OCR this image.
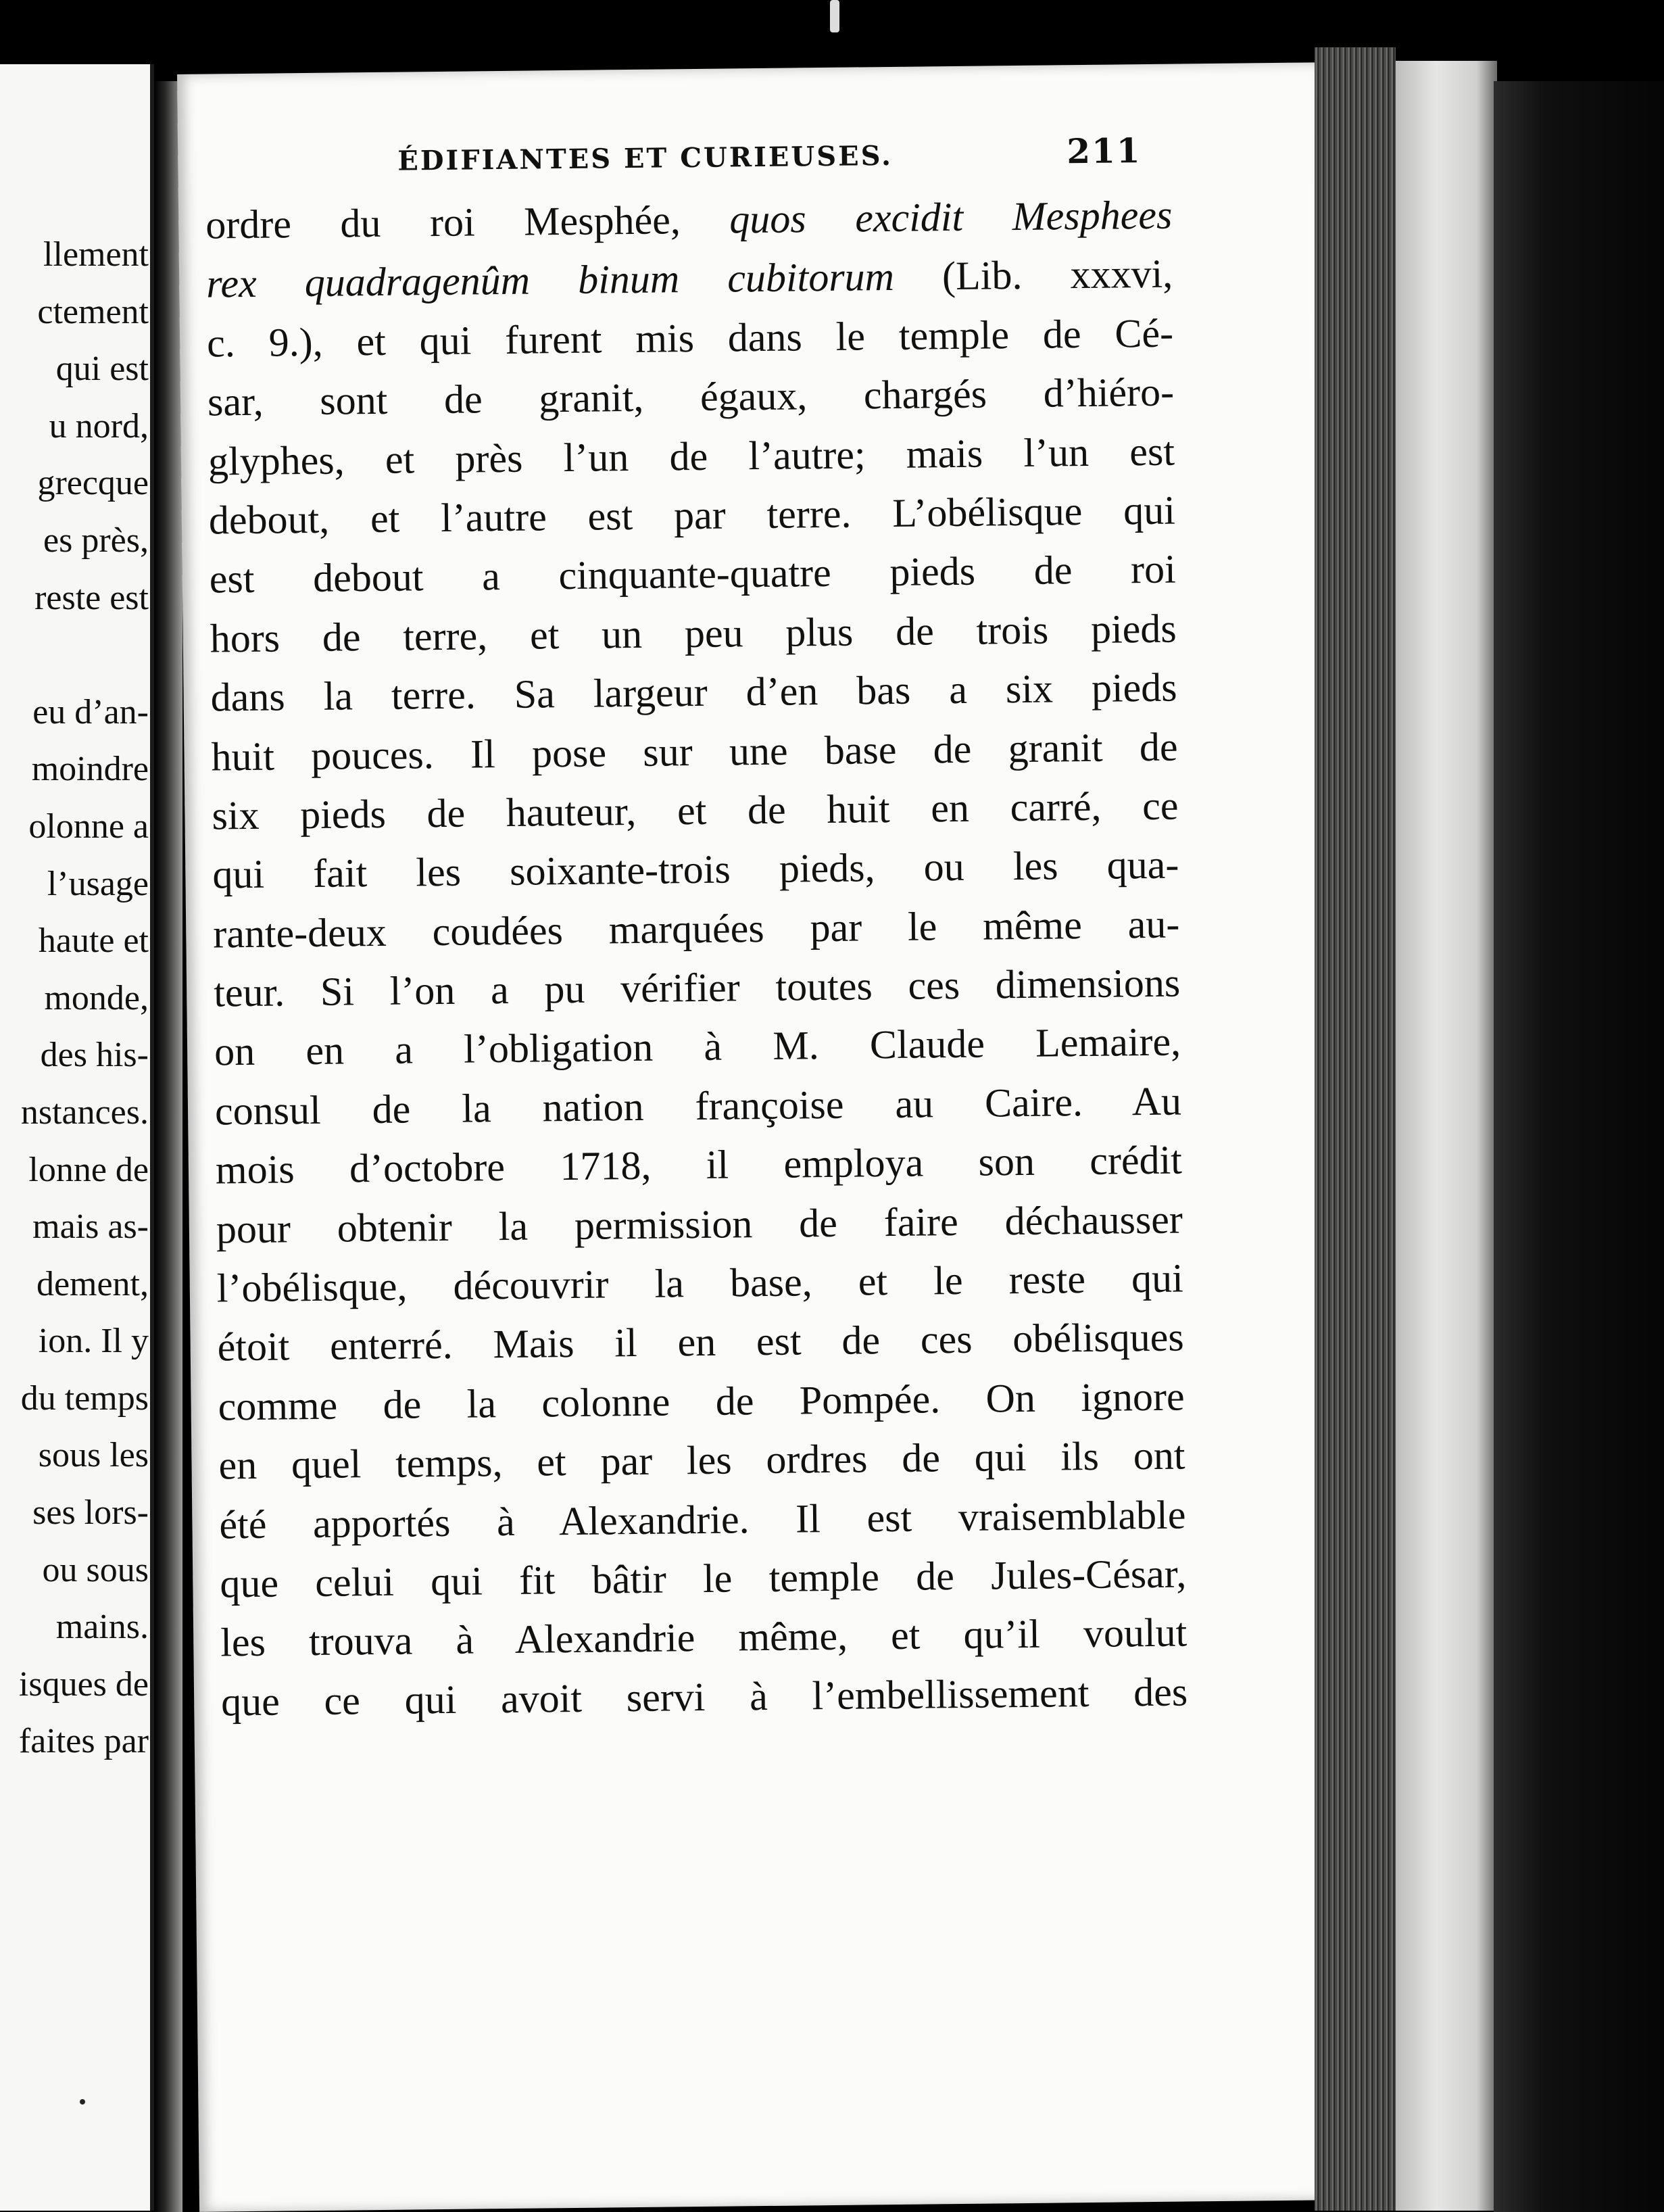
llement
ctement
qui est
u nord,
grecque
es près,
reste est
eu d’an-
moindre
olonne a
l’usage
haute et
monde,
des his-
nstances.
lonne de
mais as-
dement,
ion. Il y
du temps
sous les
ses lors-
ou sous
mains.
isques de
faites par
ÉDIFIANTES ET CURIEUSES.	211
ordre du roi Mesphée, quos excidit Mesphees
rex quadragenûm binum cubitorum (Lib. xxxvi,
c. 9.), et qui furent mis dans le temple de Cé-
sar, sont de granit, égaux, chargés d’hiéro-
glyphes, et près l’un de l’autre; mais l’un est
debout, et l’autre est par terre. L’obélisque qui
est debout a cinquante-quatre pieds de roi
hors de terre, et un peu plus de trois pieds
dans la terre. Sa largeur d’en bas a six pieds
huit pouces. Il pose sur une base de granit de
six pieds de hauteur, et de huit en carré, ce
qui fait les soixante-trois pieds, ou les qua-
rante-deux coudées marquées par le même au-
teur. Si l’on a pu vérifier toutes ces dimensions
on en a l’obligation à M. Claude Lemaire,
consul de la nation françoise au Caire. Au
mois d’octobre 1718, il employa son crédit
pour obtenir la permission de faire déchausser
l’obélisque, découvrir la base, et le reste qui
étoit enterré. Mais il en est de ces obélisques
comme de la colonne de Pompée. On ignore
en quel temps, et par les ordres de qui ils ont
été apportés à Alexandrie. Il est vraisemblable
que celui qui fit bâtir le temple de Jules-César,
les trouva à Alexandrie même, et qu’il voulut
que ce qui avoit servi à l’embellissement des
